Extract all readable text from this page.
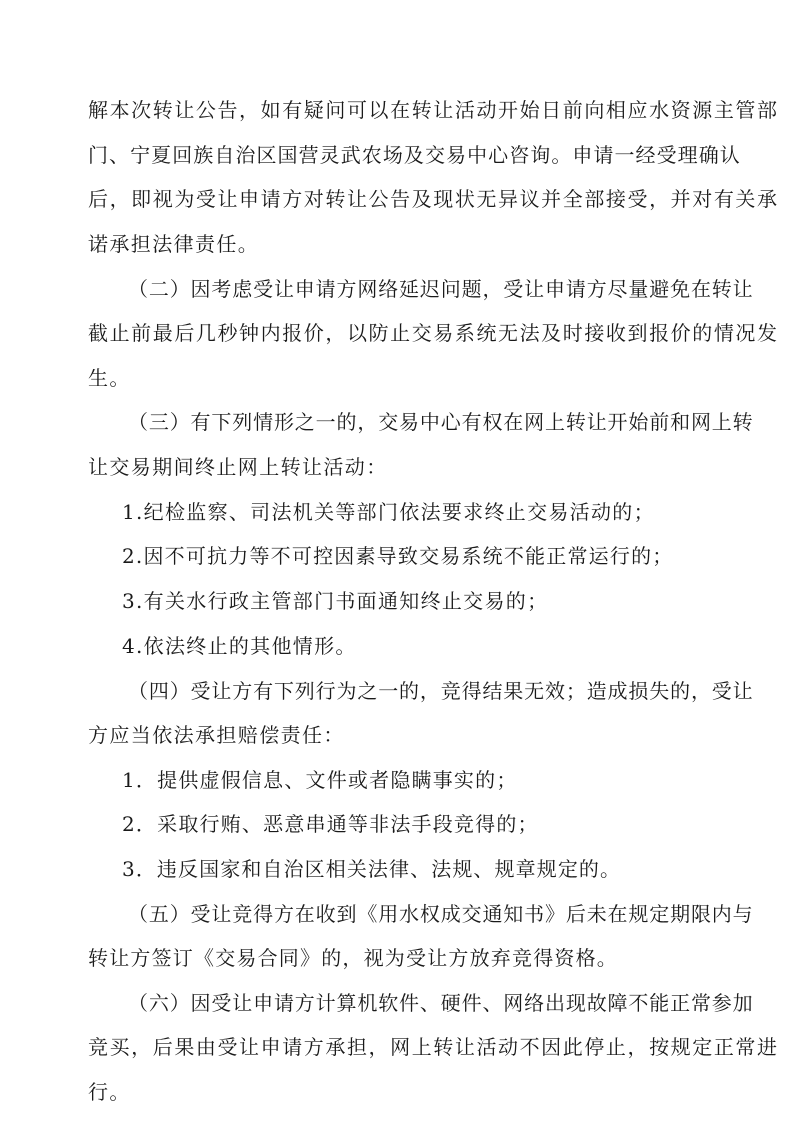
解本次转让公告，如有疑问可以在转让活动开始日前向相应水资源主管部

门、宁夏回族自治区国营灵武农场及交易中心咨询。申请一经受理确认

后，即视为受让申请方对转让公告及现状无异议并全部接受，并对有关承

诺承担法律责任。

（二）因考虑受让申请方网络延迟问题，受让申请方尽量避免在转让

截止前最后几秒钟内报价，以防止交易系统无法及时接收到报价的情况发

生。

（三）有下列情形之一的，交易中心有权在网上转让开始前和网上转

让交易期间终止网上转让活动：

1.纪检监察、司法机关等部门依法要求终止交易活动的；

2.因不可抗力等不可控因素导致交易系统不能正常运行的；

3.有关水行政主管部门书面通知终止交易的；

4.依法终止的其他情形。

（四）受让方有下列行为之一的，竞得结果无效；造成损失的，受让

方应当依法承担赔偿责任：

1．提供虚假信息、文件或者隐瞒事实的；

2．采取行贿、恶意串通等非法手段竞得的；

3．违反国家和自治区相关法律、法规、规章规定的。

（五）受让竞得方在收到《用水权成交通知书》后未在规定期限内与

转让方签订《交易合同》的，视为受让方放弃竞得资格。

（六）因受让申请方计算机软件、硬件、网络出现故障不能正常参加

竞买，后果由受让申请方承担，网上转让活动不因此停止，按规定正常进

行。
